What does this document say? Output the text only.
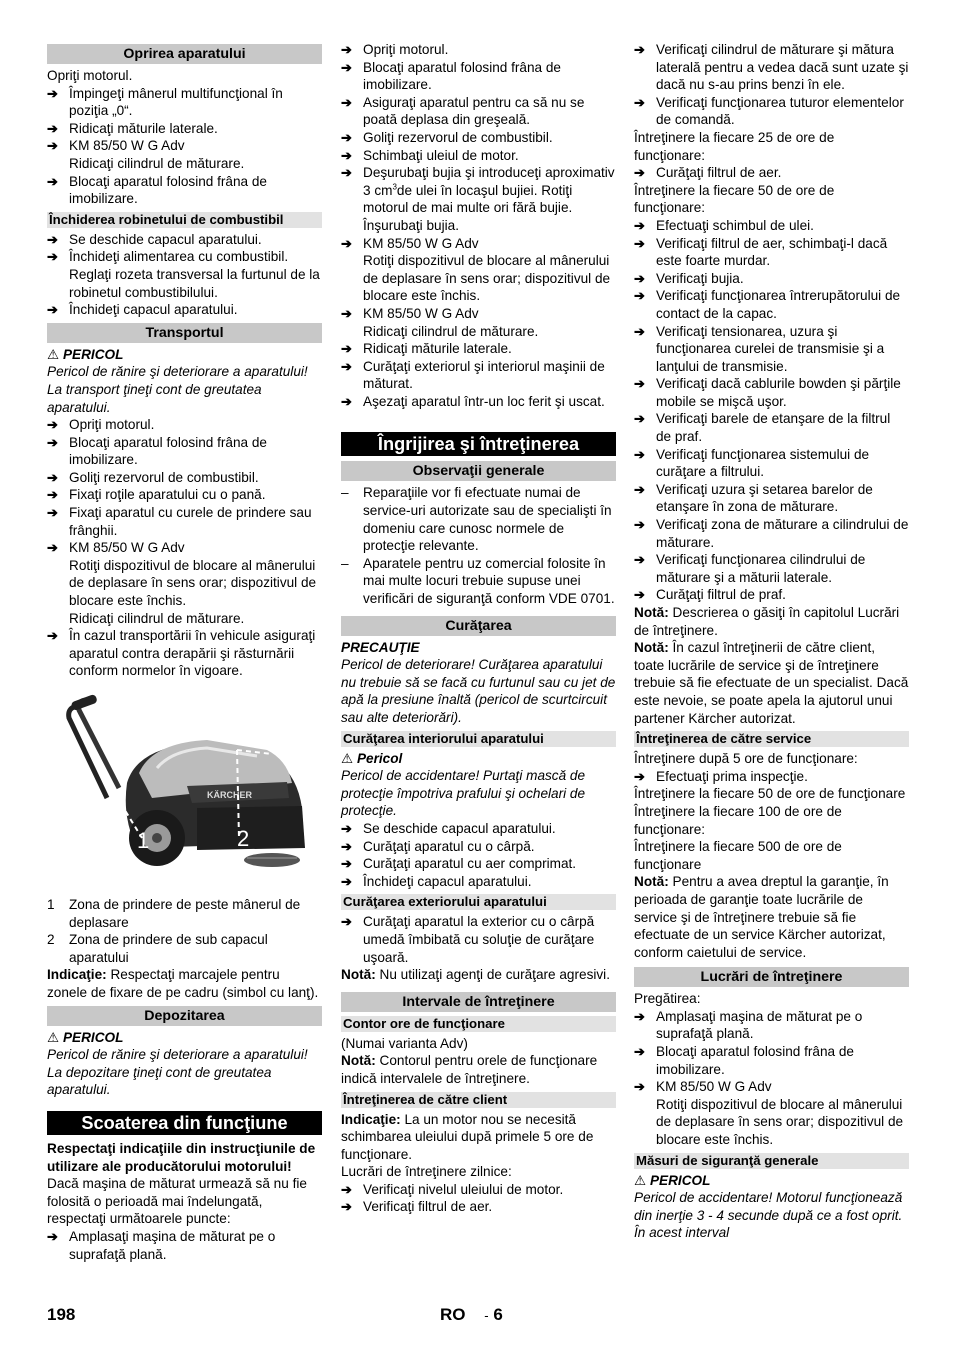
Oprirea aparatului
Opriţi motorul.
➔ Împingeţi mânerul multifuncţional în poziţia „0“.
➔ Ridicaţi măturile laterale.
➔ KM 85/50 W G Adv
Ridicaţi cilindrul de măturare.
➔ Blocaţi aparatul folosind frâna de imobilizare.
Închiderea robinetului de combustibil
➔ Se deschide capacul aparatului.
➔ Închideţi alimentarea cu combustibil.
Reglaţi rozeta transversal la furtunul de la robinetul combustibilului.
➔ Închideţi capacul aparatului.
Transportul
⚠ PERICOL
Pericol de rănire şi deteriorare a aparatului! La transport ţineţi cont de greutatea aparatului.
➔ Opriţi motorul.
➔ Blocaţi aparatul folosind frâna de imobilizare.
➔ Goliţi rezervorul de combustibil.
➔ Fixaţi roţile aparatului cu o pană.
➔ Fixaţi aparatul cu curele de prindere sau frânghii.
➔ KM 85/50 W G Adv
Rotiţi dispozitivul de blocare al mânerului de deplasare în sens orar; dispozitivul de blocare este închis.
Ridicaţi cilindrul de măturare.
➔ În cazul transportării în vehicule asiguraţi aparatul contra derapării şi răsturnării conform normelor în vigoare.
KÄRCHER
1	2
1 Zona de prindere de peste mânerul de deplasare
2 Zona de prindere de sub capacul aparatului
Indicaţie: Respectaţi marcajele pentru zonele de fixare de pe cadru (simbol cu lanţ).
Depozitarea
⚠ PERICOL
Pericol de rănire şi deteriorare a aparatului! La depozitare ţineţi cont de greutatea aparatului.
Scoaterea din funcţiune
Respectaţi indicaţiile din instrucţiunile de utilizare ale producătorului motorului!
Dacă maşina de măturat urmează să nu fie folosită o perioadă mai îndelungată, respectaţi următoarele puncte:
➔ Amplasaţi maşina de măturat pe o suprafaţă plană.
➔ Opriţi motorul.
➔ Blocaţi aparatul folosind frâna de imobilizare.
➔ Asiguraţi aparatul pentru ca să nu se poată deplasa din greşeală.
➔ Goliţi rezervorul de combustibil.
➔ Schimbaţi uleiul de motor.
➔ Deşurubaţi bujia şi introduceţi aproximativ 3 $cm^3de$ ulei în locaşul bujiei. Rotiţi motorul de mai multe ori fără bujie. Înşurubaţi bujia.
➔ KM 85/50 W G Adv
Rotiţi dispozitivul de blocare al mânerului de deplasare în sens orar; dispozitivul de blocare este închis.
➔ KM 85/50 W G Adv
Ridicaţi cilindrul de măturare.
➔ Ridicaţi măturile laterale.
➔ Curăţaţi exteriorul şi interiorul maşinii de măturat.
➔ Aşezaţi aparatul într-un loc ferit şi uscat.
Îngrijirea şi întreţinerea
Observaţii generale
– Reparaţiile vor fi efectuate numai de service-uri autorizate sau de specialişti în domeniu care cunosc normele de protecţie relevante.
– Aparatele pentru uz comercial folosite în mai multe locuri trebuie supuse unei verificări de siguranţă conform VDE 0701.
Curăţarea
PRECAUŢIE
Pericol de deteriorare! Curăţarea aparatului nu trebuie să se facă cu furtunul sau cu jet de apă la presiune înaltă (pericol de scurtcircuit sau alte deteriorări).
Curăţarea interiorului aparatului
⚠ Pericol
Pericol de accidentare! Purtaţi mască de protecţie împotriva prafului şi ochelari de protecţie.
➔ Se deschide capacul aparatului.
➔ Curăţaţi aparatul cu o cârpă.
➔ Curăţaţi aparatul cu aer comprimat.
➔ Închideţi capacul aparatului.
Curăţarea exteriorului aparatului
➔ Curăţaţi aparatul la exterior cu o cârpă umedă îmbibată cu soluţie de curăţare uşoară.
Notă: Nu utilizaţi agenţi de curăţare agresivi.
Intervale de întreţinere
Contor ore de funcţionare
(Numai varianta Adv)
Notă: Contorul pentru orele de funcţionare indică intervalele de întreţinere.
Întreţinerea de către client
Indicaţie: La un motor nou se necesită schimbarea uleiului după primele 5 ore de funcţionare.
Lucrări de întreţinere zilnice:
➔ Verificaţi nivelul uleiului de motor.
➔ Verificaţi filtrul de aer.
➔ Verificaţi cilindrul de măturare şi mătura laterală pentru a vedea dacă sunt uzate şi dacă nu s-au prins benzi în ele.
➔ Verificaţi funcţionarea tuturor elementelor de comandă.
Întreţinere la fiecare 25 de ore de funcţionare:
➔ Curăţaţi filtrul de aer.
Întreţinere la fiecare 50 de ore de funcţionare:
➔ Efectuaţi schimbul de ulei.
➔ Verificaţi filtrul de aer, schimbaţi-l dacă este foarte murdar.
➔ Verificaţi bujia.
➔ Verificaţi funcţionarea întrerupătorului de contact de la capac.
➔ Verificaţi tensionarea, uzura şi funcţionarea curelei de transmisie şi a lanţului de transmisie.
➔ Verificaţi dacă cablurile bowden şi părţile mobile se mişcă uşor.
➔ Verificaţi barele de etanşare de la filtrul de praf.
➔ Verificaţi funcţionarea sistemului de curăţare a filtrului.
➔ Verificaţi uzura şi setarea barelor de etanşare în zona de măturare.
➔ Verificaţi zona de măturare a cilindrului de măturare.
➔ Verificaţi funcţionarea cilindrului de măturare şi a măturii laterale.
➔ Curăţaţi filtrul de praf.
Notă: Descrierea o găsiţi în capitolul Lucrări de întreţinere.
Notă: În cazul întreţinerii de către client, toate lucrările de service şi de întreţinere trebuie să fie efectuate de un specialist. Dacă este nevoie, se poate apela la ajutorul unui partener Kärcher autorizat.
Întreţinerea de către service
Întreţinere după 5 ore de funcţionare:
➔ Efectuaţi prima inspecţie.
Întreţinere la fiecare 50 de ore de funcţionare
Întreţinere la fiecare 100 de ore de funcţionare:
Întreţinere la fiecare 500 de ore de funcţionare
Notă: Pentru a avea dreptul la garanţie, în perioada de garanţie toate lucrările de service şi de întreţinere trebuie să fie efectuate de un service Kärcher autorizat, conform caietului de service.
Lucrări de întreţinere
Pregătirea:
➔ Amplasaţi maşina de măturat pe o suprafaţă plană.
➔ Blocaţi aparatul folosind frâna de imobilizare.
➔ KM 85/50 W G Adv
Rotiţi dispozitivul de blocare al mânerului de deplasare în sens orar; dispozitivul de blocare este închis.
Măsuri de siguranţă generale
⚠ PERICOL
Pericol de accidentare! Motorul funcţionează din inerţie 3 - 4 secunde după ce a fost oprit. În acest interval
198	RO - 6
